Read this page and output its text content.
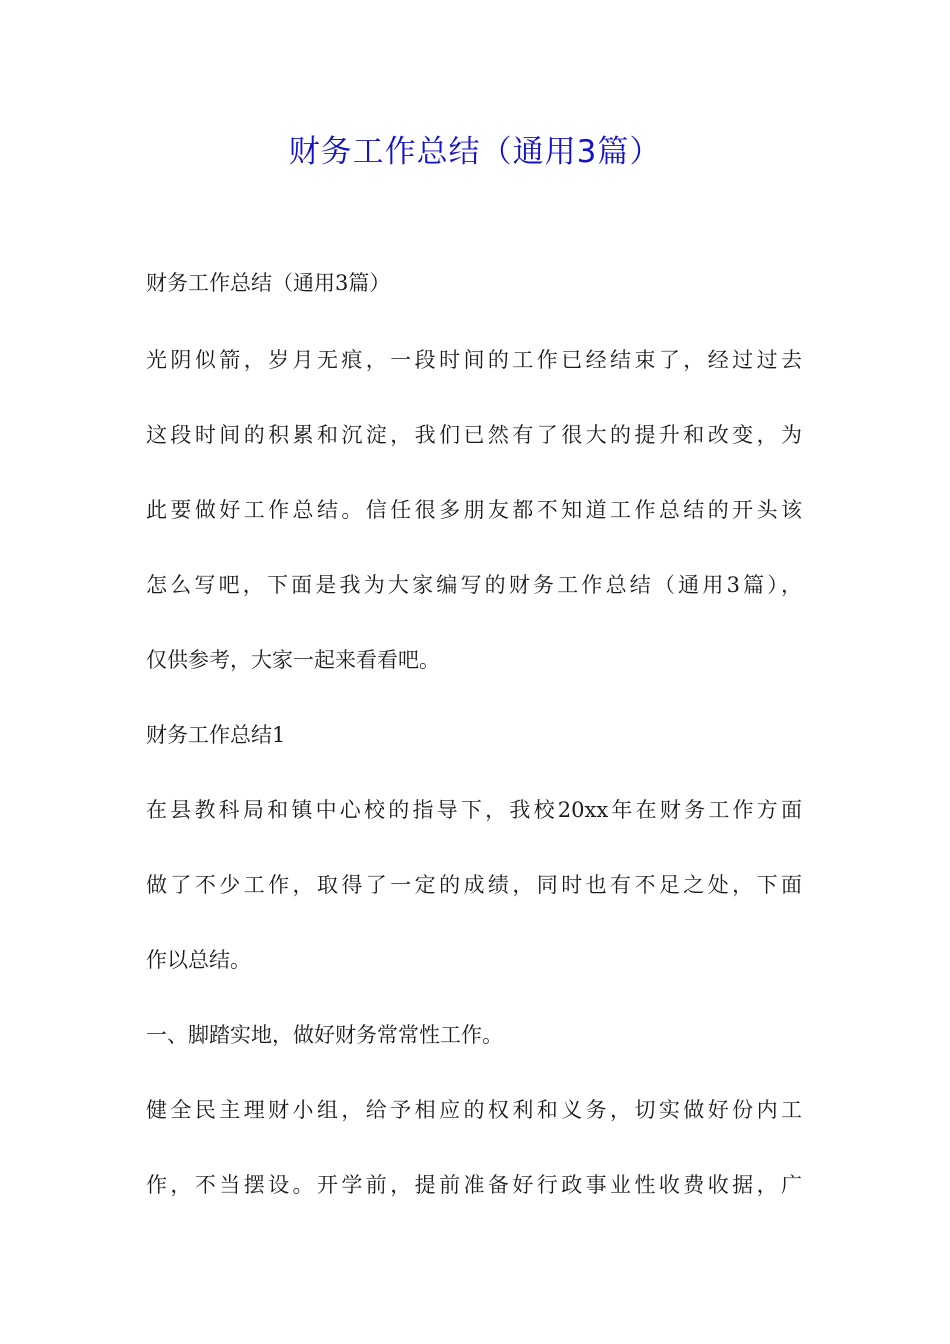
财务工作总结（通用3篇）
财务工作总结（通用3篇）
光阴似箭，岁月无痕，一段时间的工作已经结束了，经过过去
这段时间的积累和沉淀，我们已然有了很大的提升和改变，为
此要做好工作总结。信任很多朋友都不知道工作总结的开头该
怎么写吧，下面是我为大家编写的财务工作总结（通用3篇），
仅供参考，大家一起来看看吧。
财务工作总结1
在县教科局和镇中心校的指导下，我校20xx年在财务工作方面
做了不少工作，取得了一定的成绩，同时也有不足之处，下面
作以总结。
一、脚踏实地，做好财务常常性工作。
健全民主理财小组，给予相应的权利和义务，切实做好份内工
作，不当摆设。开学前，提前准备好行政事业性收费收据，广
